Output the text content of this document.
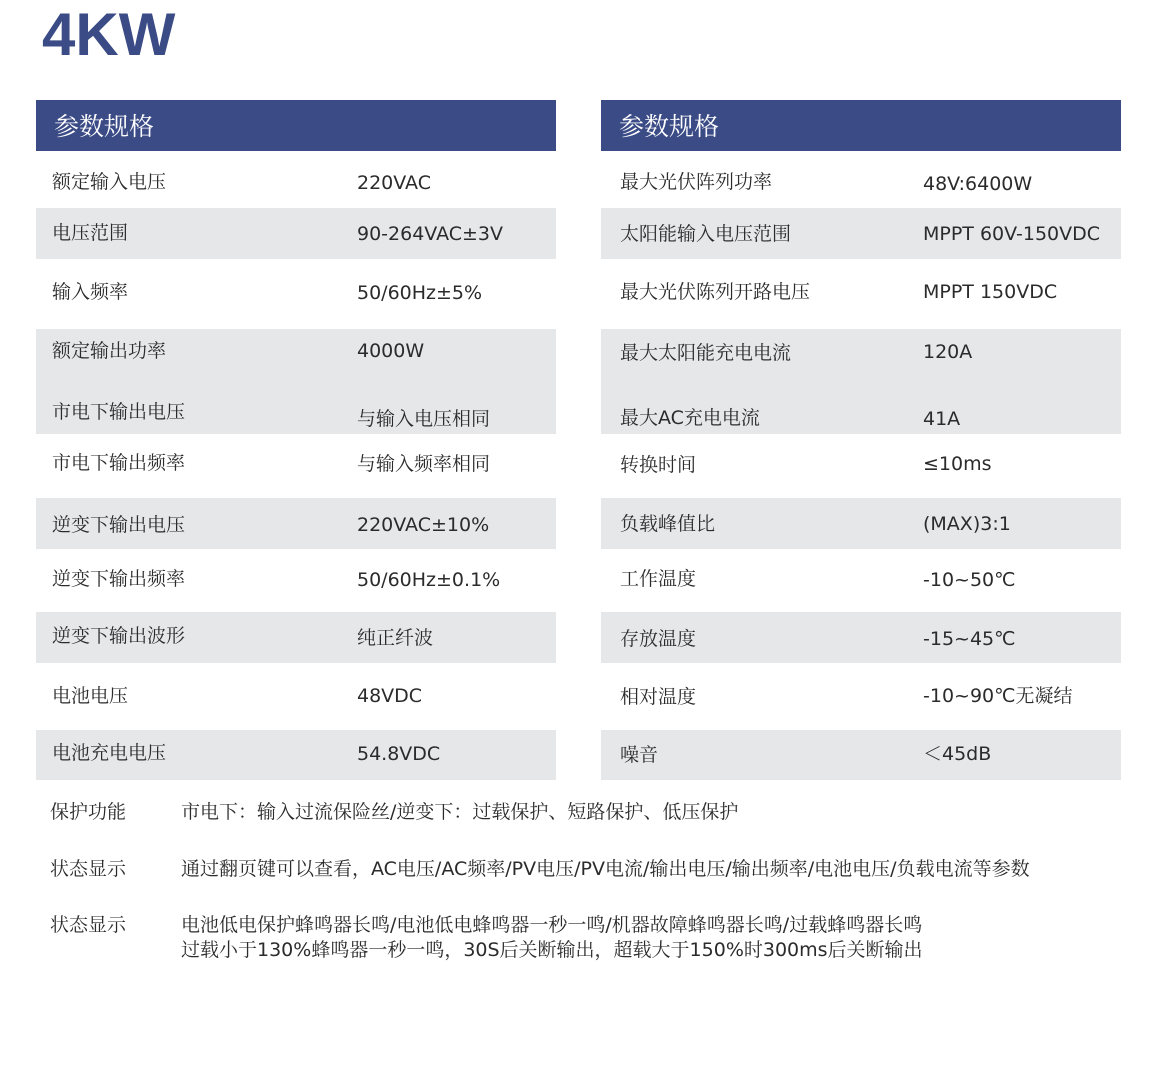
4KW
参数规格
额定输入电压	220VAC
电压范围	90-264VAC±3V
输入频率	50/60Hz±5%
额定输出功率	4000W
市电下输出电压	与输入电压相同
市电下输出频率	与输入频率相同
逆变下输出电压	220VAC±10%
逆变下输出频率	50/60Hz±0.1%
逆变下输出波形	纯正纤波
电池电压	48VDC
电池充电电压	54.8VDC
参数规格
最大光伏阵列功率	48V:6400W
太阳能输入电压范围	MPPT 60V-150VDC
最大光伏陈列开路电压	MPPT 150VDC
最大太阳能充电电流	120A
最大AC充电电流	41A
转换时间	≤10ms
负载峰值比	(MAX)3:1
工作温度	-10~50℃
存放温度	-15~45℃
相对温度	-10~90℃无凝结
噪音	＜45dB
保护功能	市电下：输入过流保险丝/逆变下：过载保护、短路保护、低压保护
状态显示	通过翻页键可以查看，AC电压/AC频率/PV电压/PV电流/输出电压/输出频率/电池电压/负载电流等参数
状态显示	电池低电保护蜂鸣器长鸣/电池低电蜂鸣器一秒一鸣/机器故障蜂鸣器长鸣/过载蜂鸣器长鸣
过载小于130%蜂鸣器一秒一鸣，30S后关断输出，超载大于150%时300ms后关断输出
